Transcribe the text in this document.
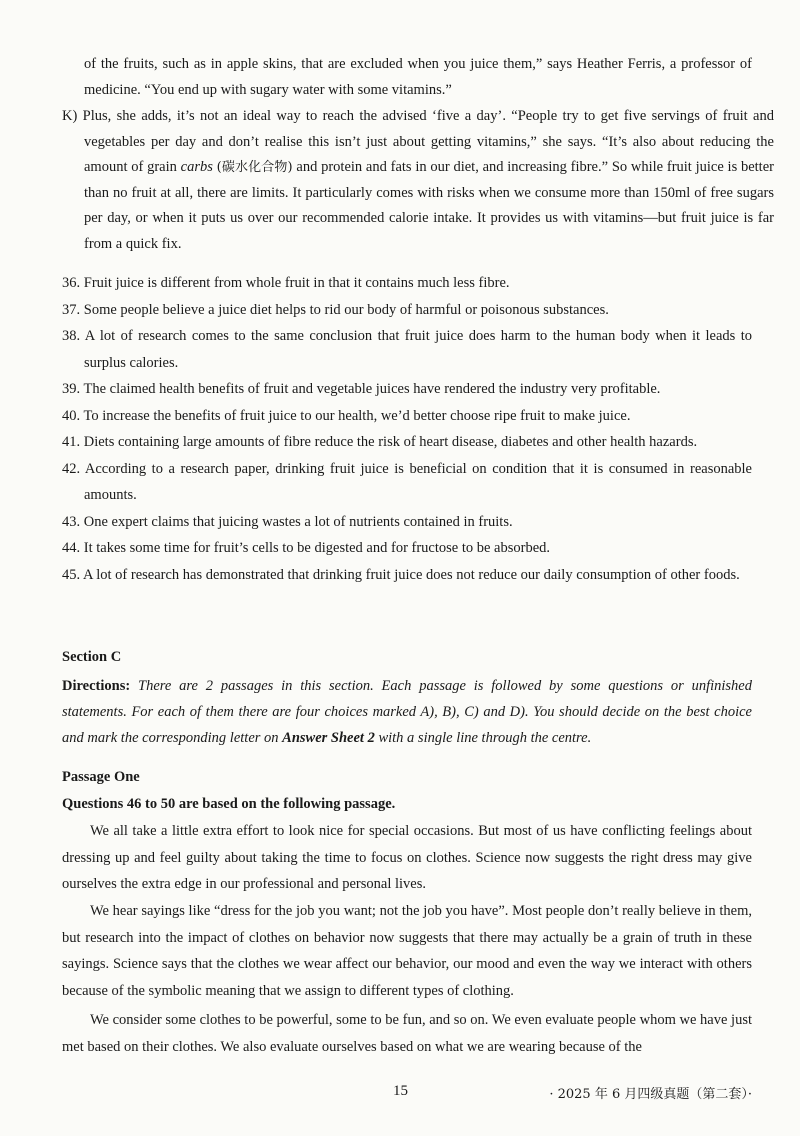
of the fruits, such as in apple skins, that are excluded when you juice them,” says Heather Ferris, a professor of medicine. “You end up with sugary water with some vitamins.”

K) Plus, she adds, it’s not an ideal way to reach the advised ‘five a day’. “People try to get five servings of fruit and vegetables per day and don’t realise this isn’t just about getting vitamins,” she says. “It’s also about reducing the amount of grain carbs (碳水化合物) and protein and fats in our diet, and increasing fibre.” So while fruit juice is better than no fruit at all, there are limits. It particularly comes with risks when we consume more than 150ml of free sugars per day, or when it puts us over our recommended calorie intake. It provides us with vitamins—but fruit juice is far from a quick fix.

36. Fruit juice is different from whole fruit in that it contains much less fibre.
37. Some people believe a juice diet helps to rid our body of harmful or poisonous substances.
38. A lot of research comes to the same conclusion that fruit juice does harm to the human body when it leads to surplus calories.
39. The claimed health benefits of fruit and vegetable juices have rendered the industry very profitable.
40. To increase the benefits of fruit juice to our health, we’d better choose ripe fruit to make juice.
41. Diets containing large amounts of fibre reduce the risk of heart disease, diabetes and other health hazards.
42. According to a research paper, drinking fruit juice is beneficial on condition that it is consumed in reasonable amounts.
43. One expert claims that juicing wastes a lot of nutrients contained in fruits.
44. It takes some time for fruit’s cells to be digested and for fructose to be absorbed.
45. A lot of research has demonstrated that drinking fruit juice does not reduce our daily consumption of other foods.
Section C

Directions: There are 2 passages in this section. Each passage is followed by some questions or unfinished statements. For each of them there are four choices marked A), B), C) and D). You should decide on the best choice and mark the corresponding letter on Answer Sheet 2 with a single line through the centre.

Passage One
Questions 46 to 50 are based on the following passage.

We all take a little extra effort to look nice for special occasions. But most of us have conflicting feelings about dressing up and feel guilty about taking the time to focus on clothes. Science now suggests the right dress may give ourselves the extra edge in our professional and personal lives.

We hear sayings like “dress for the job you want; not the job you have”. Most people don’t really believe in them, but research into the impact of clothes on behavior now suggests that there may actually be a grain of truth in these sayings. Science says that the clothes we wear affect our behavior, our mood and even the way we interact with others because of the symbolic meaning that we assign to different types of clothing.

We consider some clothes to be powerful, some to be fun, and so on. We even evaluate people whom we have just met based on their clothes. We also evaluate ourselves based on what we are wearing because of the

15	· 2025 年 6 月四级真题（第二套）·
